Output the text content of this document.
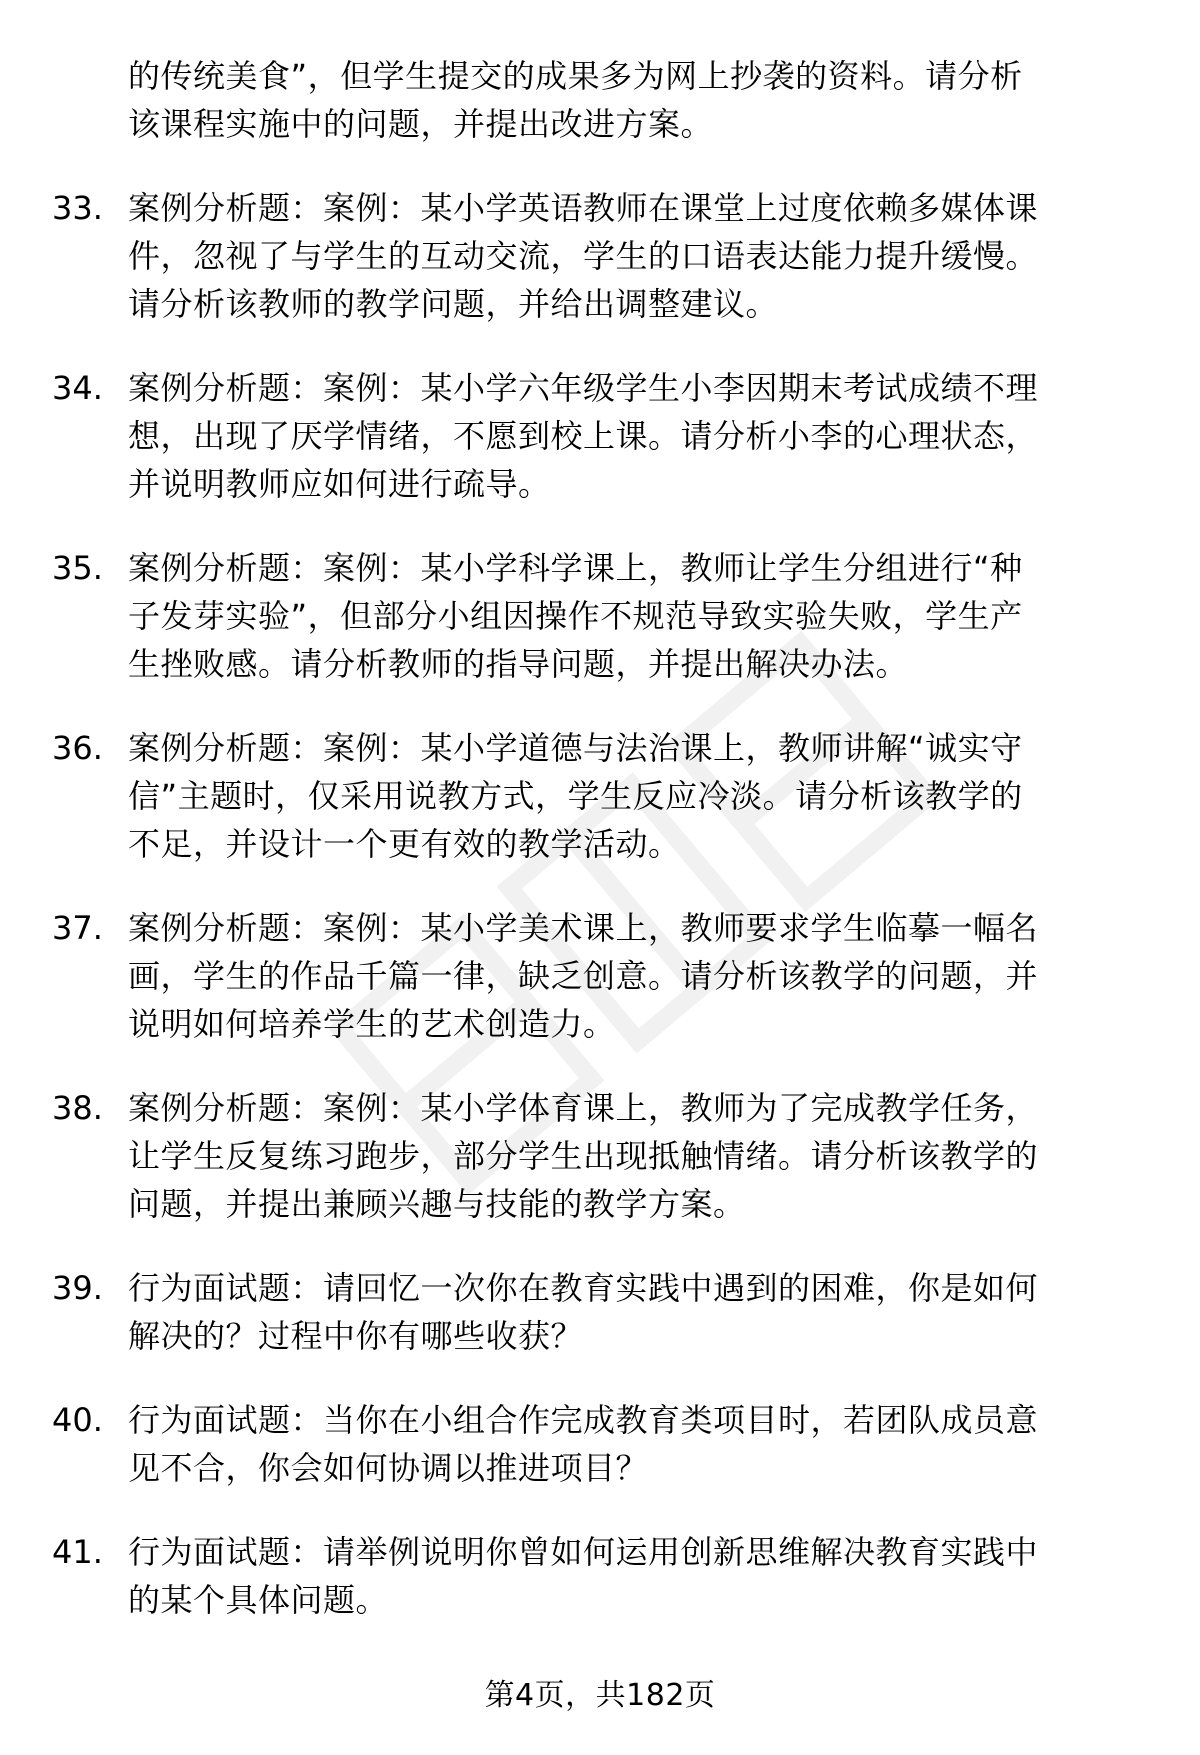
的传统美食”，但学生提交的成果多为网上抄袭的资料。请分析
该课程实施中的问题，并提出改进方案。
33. 案例分析题：案例：某小学英语教师在课堂上过度依赖多媒体课
件，忽视了与学生的互动交流，学生的口语表达能力提升缓慢。
请分析该教师的教学问题，并给出调整建议。
34. 案例分析题：案例：某小学六年级学生小李因期末考试成绩不理
想，出现了厌学情绪，不愿到校上课。请分析小李的心理状态，
并说明教师应如何进行疏导。
35. 案例分析题：案例：某小学科学课上，教师让学生分组进行“种
子发芽实验”，但部分小组因操作不规范导致实验失败，学生产
生挫败感。请分析教师的指导问题，并提出解决办法。
36. 案例分析题：案例：某小学道德与法治课上，教师讲解“诚实守
信”主题时，仅采用说教方式，学生反应冷淡。请分析该教学的
不足，并设计一个更有效的教学活动。
37. 案例分析题：案例：某小学美术课上，教师要求学生临摹一幅名
画，学生的作品千篇一律，缺乏创意。请分析该教学的问题，并
说明如何培养学生的艺术创造力。
38. 案例分析题：案例：某小学体育课上，教师为了完成教学任务，
让学生反复练习跑步，部分学生出现抵触情绪。请分析该教学的
问题，并提出兼顾兴趣与技能的教学方案。
39. 行为面试题：请回忆一次你在教育实践中遇到的困难，你是如何
解决的？过程中你有哪些收获？
40. 行为面试题：当你在小组合作完成教育类项目时，若团队成员意
见不合，你会如何协调以推进项目？
41. 行为面试题：请举例说明你曾如何运用创新思维解决教育实践中
的某个具体问题。
第4页，共182页
